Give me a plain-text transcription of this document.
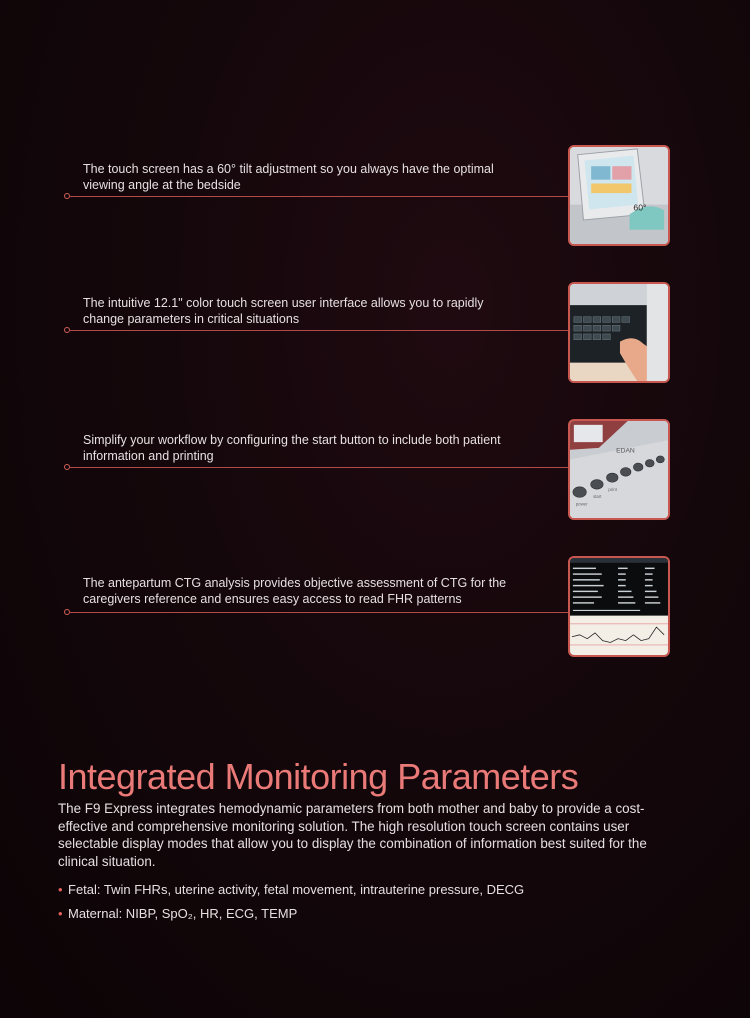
The touch screen has a 60° tilt adjustment so you always have the optimal viewing angle at the bedside
60°
The intuitive 12.1" color touch screen user interface allows you to rapidly change parameters in critical situations
Simplify your workflow by configuring the start button to include both patient information and printing	EDAN
power
start
print
The antepartum CTG analysis provides objective assessment of CTG for the caregivers reference and ensures easy access to read FHR patterns
Integrated Monitoring Parameters

The F9 Express integrates hemodynamic parameters from both mother and baby to provide a cost-effective and comprehensive monitoring solution. The high resolution touch screen contains user selectable display modes that allow you to display the combination of information best suited for the clinical situation.

• Fetal: Twin FHRs, uterine activity, fetal movement, intrauterine pressure, DECG
• Maternal: NIBP, SpO₂, HR, ECG, TEMP
